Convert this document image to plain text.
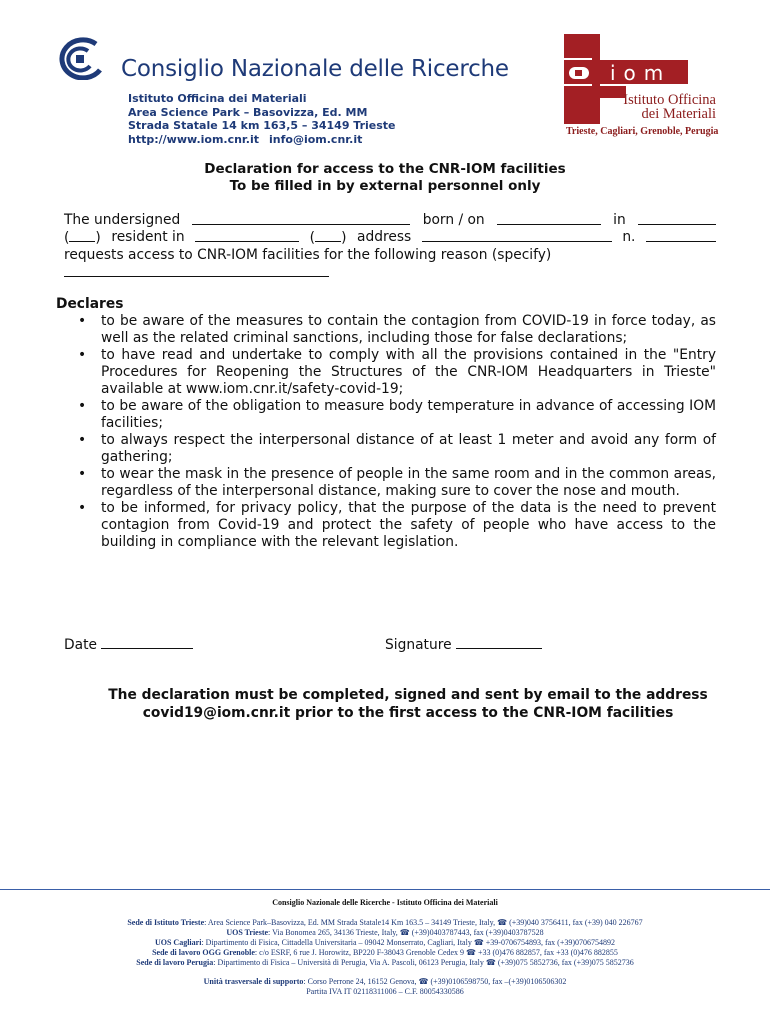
Consiglio Nazionale delle Ricerche
Istituto Officina dei Materiali
Area Science Park – Basovizza, Ed. MM
Strada Statale 14 km 163,5 – 34149 Trieste
http://www.iom.cnr.it info@iom.cnr.it
iom
Istituto Officina
dei Materiali
Trieste, Cagliari, Grenoble, Perugia
Declaration for access to the CNR-IOM facilities
To be filled in by external personnel only
The undersigned	born / on	in
( ) resident in	( ) address	n.
requests access to CNR-IOM facilities for the following reason (specify)
Declares
• to be aware of the measures to contain the contagion from COVID-19 in force today, as well as the related criminal sanctions, including those for false declarations;
• to have read and undertake to comply with all the provisions contained in the "Entry Procedures for Reopening the Structures of the CNR-IOM Headquarters in Trieste" available at www.iom.cnr.it/safety-covid-19;
• to be aware of the obligation to measure body temperature in advance of accessing IOM facilities;
• to always respect the interpersonal distance of at least 1 meter and avoid any form of gathering;
• to wear the mask in the presence of people in the same room and in the common areas, regardless of the interpersonal distance, making sure to cover the nose and mouth.
• to be informed, for privacy policy, that the purpose of the data is the need to prevent contagion from Covid-19 and protect the safety of people who have access to the building in compliance with the relevant legislation.
Date	Signature
The declaration must be completed, signed and sent by email to the address covid19@iom.cnr.it prior to the first access to the CNR-IOM facilities
Consiglio Nazionale delle Ricerche - Istituto Officina dei Materiali
Sede di Istituto Trieste: Area Science Park–Basovizza, Ed. MM Strada Statale14 Km 163.5 – 34149 Trieste, Italy, ☎ (+39)040 3756411, fax (+39) 040 226767
UOS Trieste: Via Bonomea 265, 34136 Trieste, Italy, ☎ (+39)0403787443, fax (+39)0403787528
UOS Cagliari: Dipartimento di Fisica, Cittadella Universitaria – 09042 Monserrato, Cagliari, Italy ☎ +39-0706754893, fax (+39)0706754892
Sede di lavoro OGG Grenoble: c/o ESRF, 6 rue J. Horowitz, BP220 F-38043 Grenoble Cedex 9 ☎ +33 (0)476 882857, fax +33 (0)476 882855
Sede di lavoro Perugia: Dipartimento di Fisica – Università di Perugia, Via A. Pascoli, 06123 Perugia, Italy ☎ (+39)075 5852736, fax (+39)075 5852736
Unità trasversale di supporto: Corso Perrone 24, 16152 Genova, ☎ (+39)0106598750, fax –(+39)0106506302
Partita IVA IT 02118311006 – C.F. 80054330586
